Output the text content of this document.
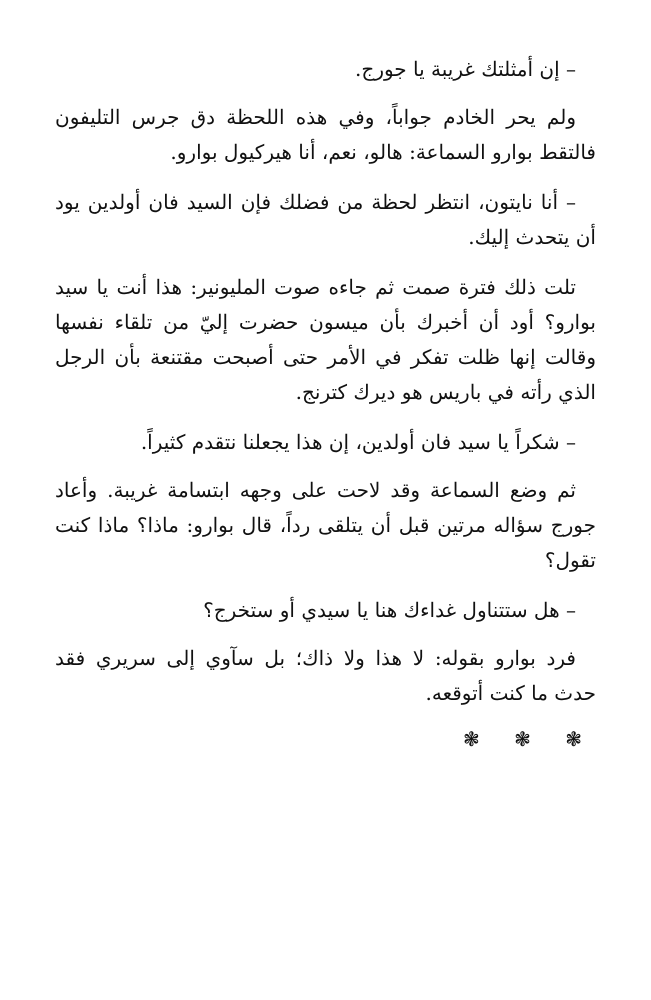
– إن أمثلتك غريبة يا جورج.

ولم يحر الخادم جواباً، وفي هذه اللحظة دق جرس التليفون فالتقط بوارو السماعة: هالو، نعم، أنا هيركيول بوارو.

– أنا نايتون، انتظر لحظة من فضلك فإن السيد فان أولدين يود أن يتحدث إليك.

تلت ذلك فترة صمت ثم جاءه صوت المليونير: هذا أنت يا سيد بوارو؟ أود أن أخبرك بأن ميسون حضرت إليّ من تلقاء نفسها وقالت إنها ظلت تفكر في الأمر حتى أصبحت مقتنعة بأن الرجل الذي رأته في باريس هو ديرك كترنج.

– شكراً يا سيد فان أولدين، إن هذا يجعلنا نتقدم كثيراً.

ثم وضع السماعة وقد لاحت على وجهه ابتسامة غريبة. وأعاد جورج سؤاله مرتين قبل أن يتلقى رداً، قال بوارو: ماذا؟ ماذا كنت تقول؟

– هل ستتناول غداءك هنا يا سيدي أو ستخرج؟

فرد بوارو بقوله: لا هذا ولا ذاك؛ بل سآوي إلى سريري فقد حدث ما كنت أتوقعه.

❃ ❃ ❃
